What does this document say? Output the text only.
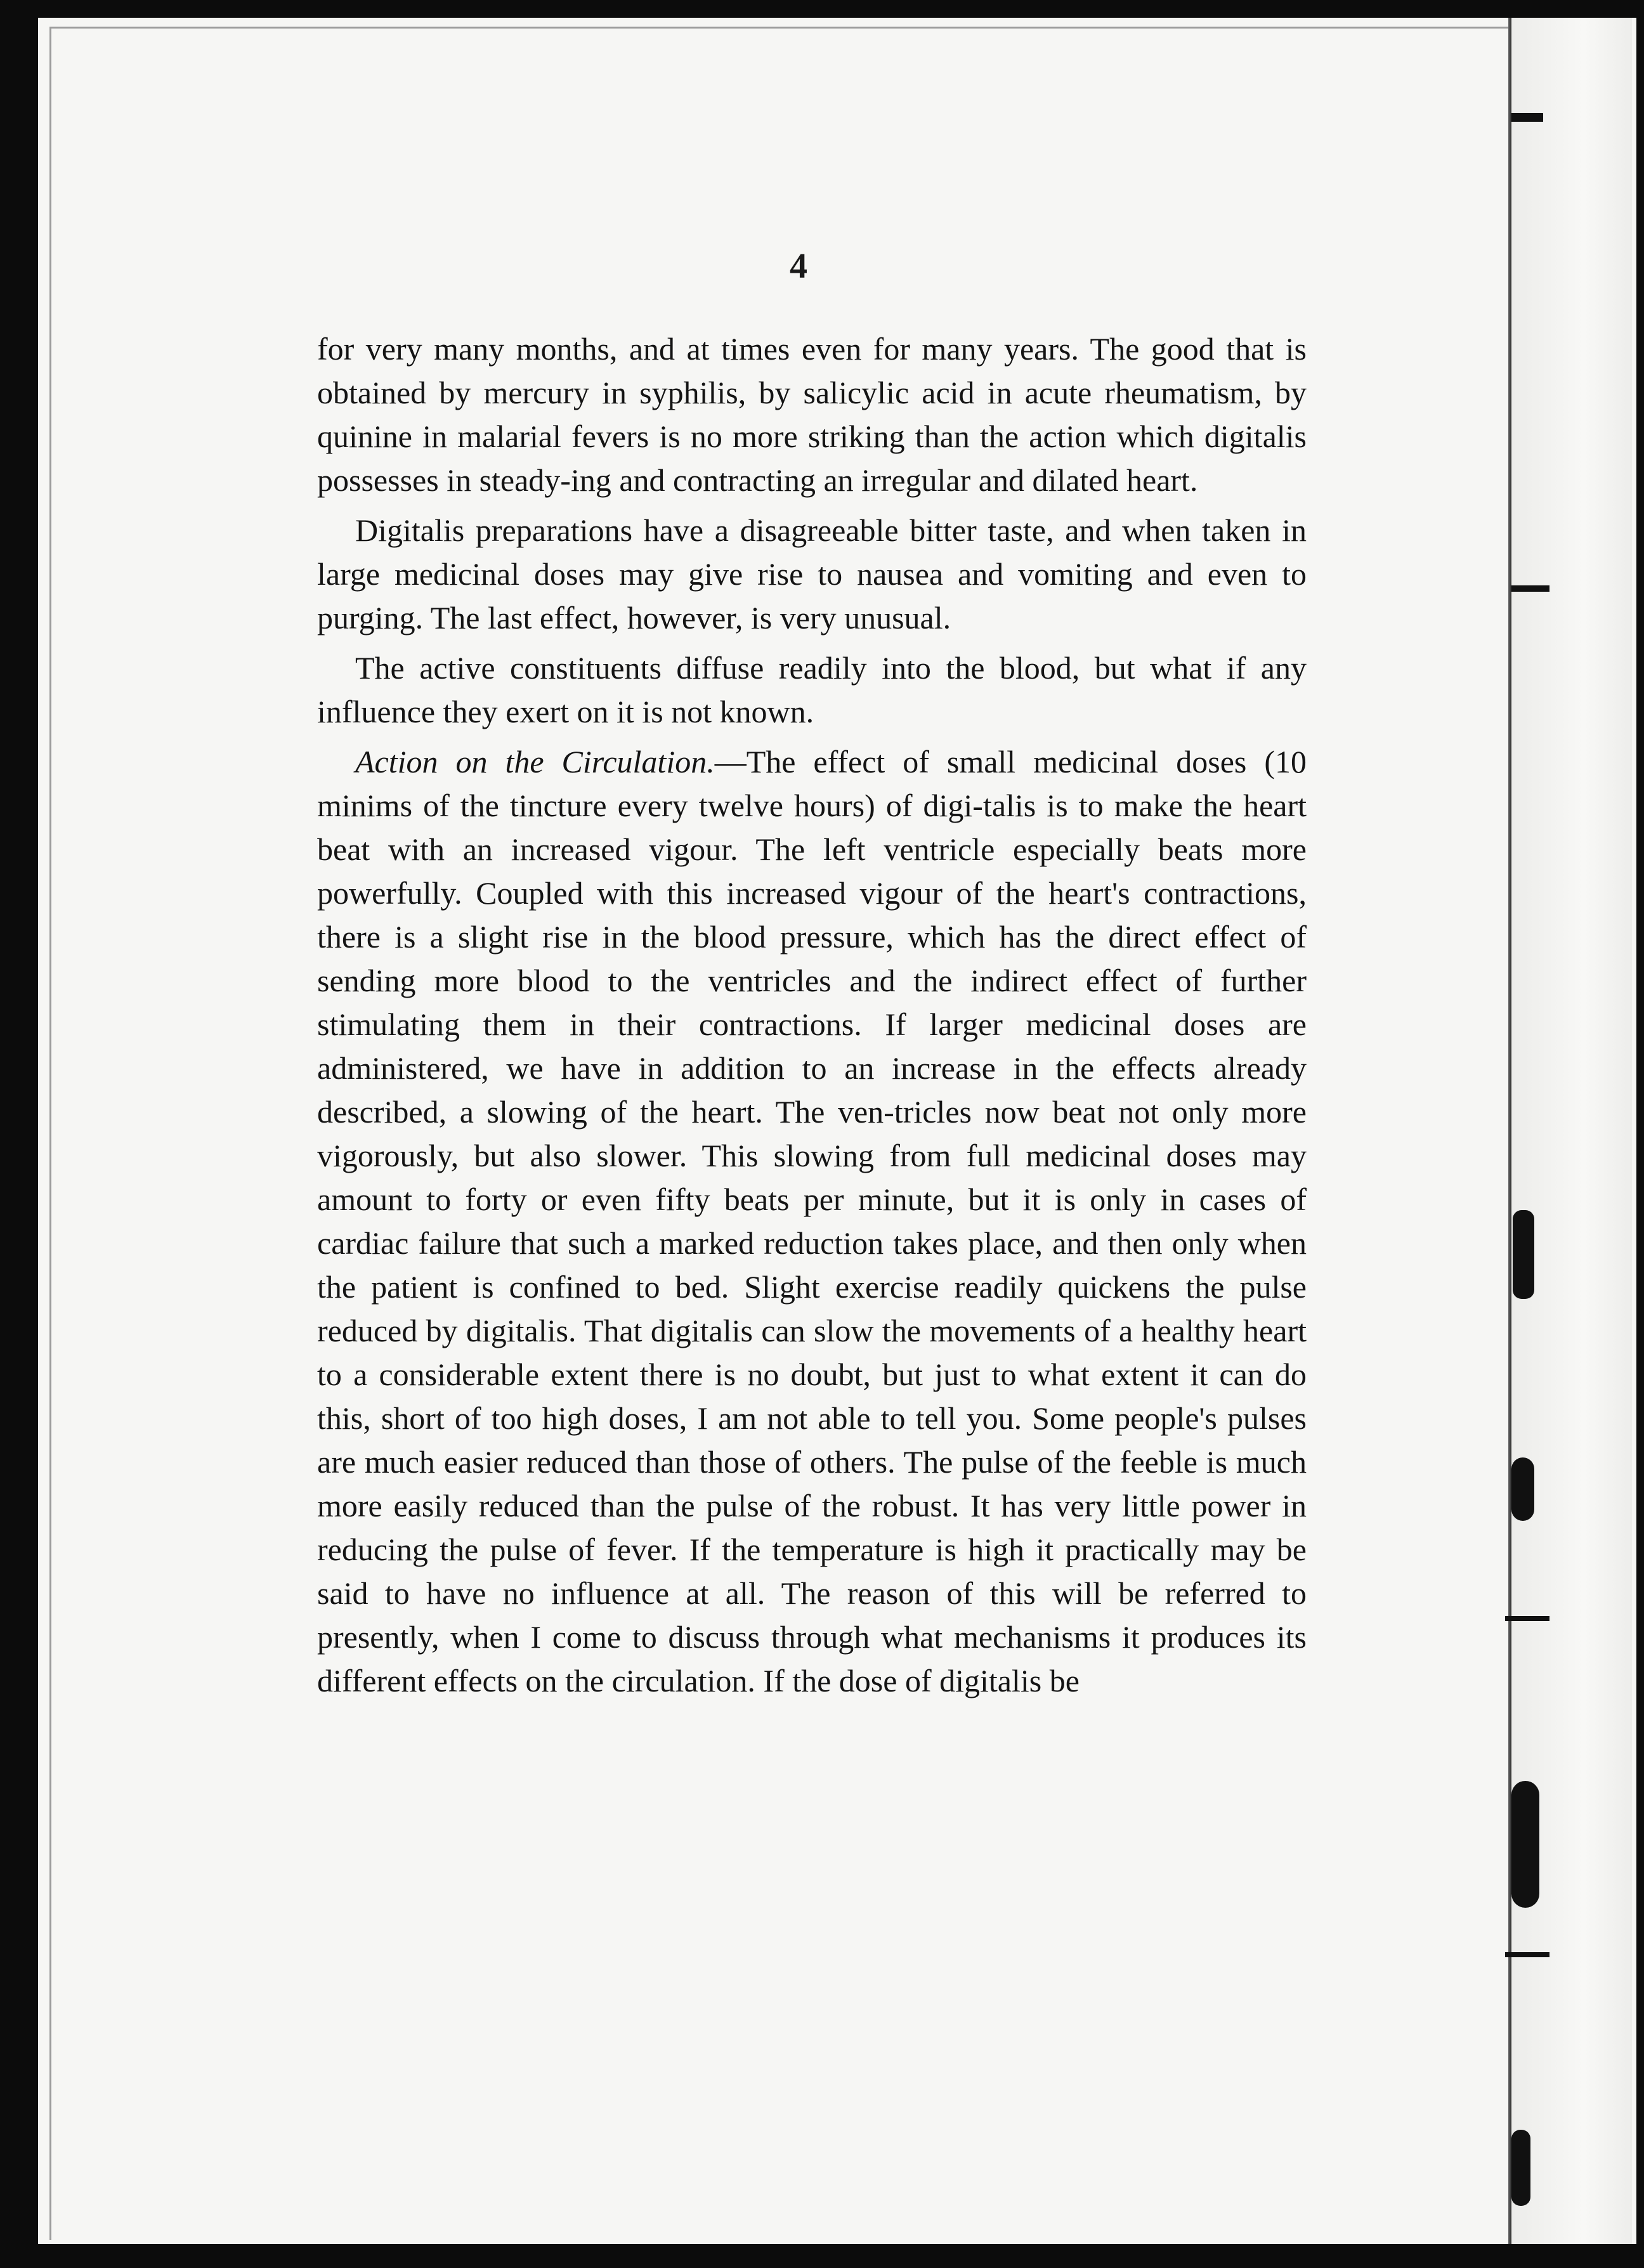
4

for very many months, and at times even for many years. The good that is obtained by mercury in syphilis, by salicylic acid in acute rheumatism, by quinine in malarial fevers is no more striking than the action which digitalis possesses in steady-ing and contracting an irregular and dilated heart.

Digitalis preparations have a disagreeable bitter taste, and when taken in large medicinal doses may give rise to nausea and vomiting and even to purging. The last effect, however, is very unusual.

The active constituents diffuse readily into the blood, but what if any influence they exert on it is not known.

Action on the Circulation.—The effect of small medicinal doses (10 minims of the tincture every twelve hours) of digi-talis is to make the heart beat with an increased vigour. The left ventricle especially beats more powerfully. Coupled with this increased vigour of the heart's contractions, there is a slight rise in the blood pressure, which has the direct effect of sending more blood to the ventricles and the indirect effect of further stimulating them in their contractions. If larger medicinal doses are administered, we have in addition to an increase in the effects already described, a slowing of the heart. The ven-tricles now beat not only more vigorously, but also slower. This slowing from full medicinal doses may amount to forty or even fifty beats per minute, but it is only in cases of cardiac failure that such a marked reduction takes place, and then only when the patient is confined to bed. Slight exercise readily quickens the pulse reduced by digitalis. That digitalis can slow the movements of a healthy heart to a considerable extent there is no doubt, but just to what extent it can do this, short of too high doses, I am not able to tell you. Some people's pulses are much easier reduced than those of others. The pulse of the feeble is much more easily reduced than the pulse of the robust. It has very little power in reducing the pulse of fever. If the temperature is high it practically may be said to have no influence at all. The reason of this will be referred to presently, when I come to discuss through what mechanisms it produces its different effects on the circulation. If the dose of digitalis be
